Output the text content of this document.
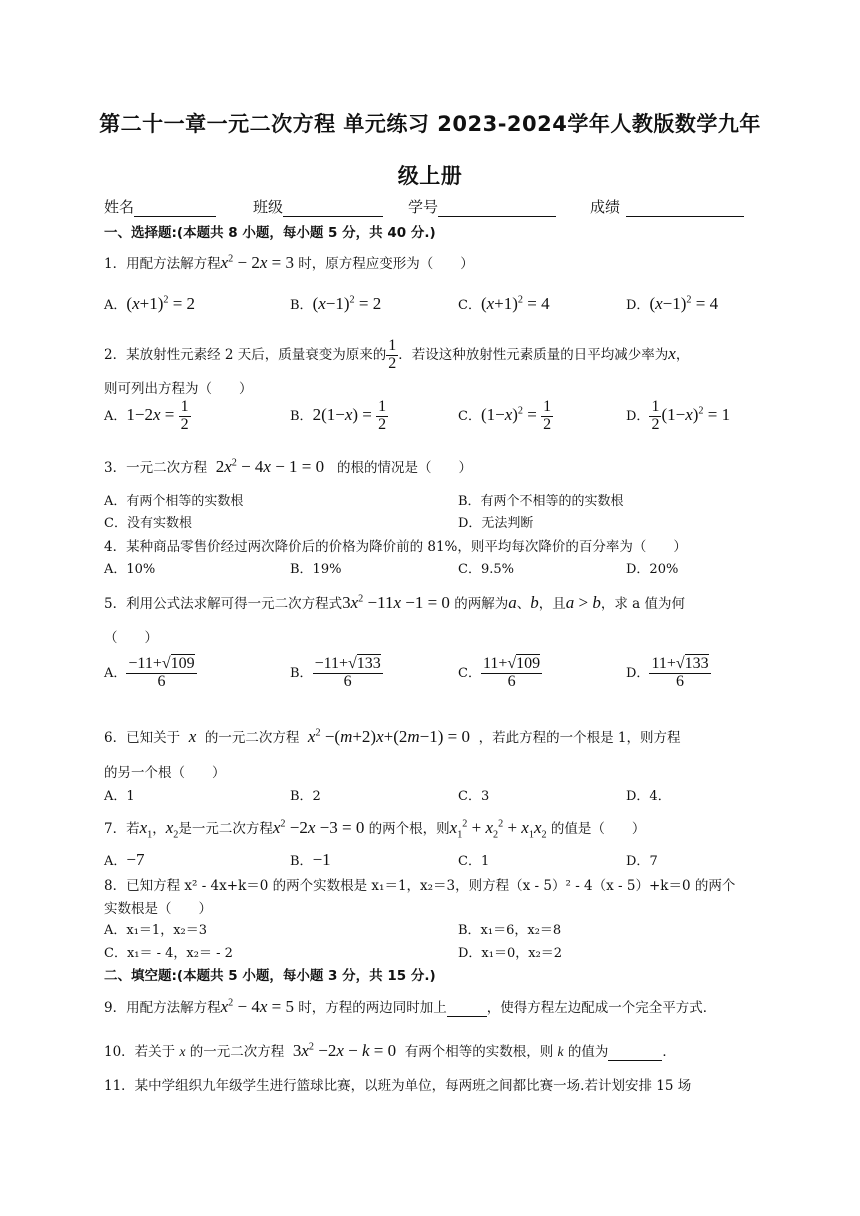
第二十一章一元二次方程 单元练习 2023-2024学年人教版数学九年
级上册
姓名	班级	学号	成绩
一、选择题:(本题共 8 小题，每小题 5 分，共 40 分.)
1．用配方法解方程$x^2 - 2x = 3$ 时，原方程应变形为（　　）
A．$(x+1)^2 = 2$	B．$(x-1)^2 = 2$	C．$(x+1)^2 = 4$	D．$(x-1)^2 = 4$
2．某放射性元素经 2 天后，质量衰变为原来的 $\frac{1}{2}$ ．若设这种放射性元素质量的日平均减少率为x，
则可列出方程为（　　）
A．$1-2x = \frac{1}{2}$	B．$2(1-x) = \frac{1}{2}$	C．$(1-x)^2 = \frac{1}{2}$	D． $\frac{1}{2} (1-x)^2 = 1$
3．一元二次方程 $2x^2 - 4x - 1 = 0$ 的根的情况是（　　）
A．有两个相等的实数根	B．有两个不相等的的实数根
C．没有实数根	D．无法判断
4．某种商品零售价经过两次降价后的价格为降价前的 81%，则平均每次降价的百分率为（　　）
A．10%	B．19%	C．9.5%	D．20%
5．利用公式法求解可得一元二次方程式$3x^2 -11x -1 = 0$ 的两解为a、b，且a > b，求 a 值为何
（　　）
A． $\frac{-11+√109}{6}$	B． $\frac{-11+√133}{6}$	C． $\frac{11+√109}{6}$	D． $\frac{11+√133}{6}$
6．已知关于 x 的一元二次方程 $x^2 -(m+2)x+(2m-1) = 0$ ，若此方程的一个根是 1，则方程
的另一个根（　　）
A．1	B．2	C．3	D．4．
7．若$x_1$，$x_2$是一元二次方程$x^2 -2x -3 = 0$ 的两个根，则$x_1^2 + x_2^2 + x_1x_2$ 的值是（　　）
A．−7	B．−1	C．1	D．7
8．已知方程 x² - 4x+k＝0 的两个实数根是 x₁＝1，x₂＝3，则方程（x - 5）² - 4（x - 5）+k＝0 的两个
实数根是（　　）
A．x₁＝1，x₂＝3	B．x₁＝6，x₂＝8
C．x₁＝ - 4，x₂＝ - 2	D．x₁＝0，x₂＝2
二、填空题:(本题共 5 小题，每小题 3 分，共 15 分.)
9．用配方法解方程$x^2 - 4x = 5$ 时，方程的两边同时加上	，使得方程左边配成一个完全平方式．
10．若关于 x 的一元二次方程 $3x^2 -2x - k = 0$ 有两个相等的实数根，则 k 的值为	．
11．某中学组织九年级学生进行篮球比赛，以班为单位，每两班之间都比赛一场.若计划安排 15 场
